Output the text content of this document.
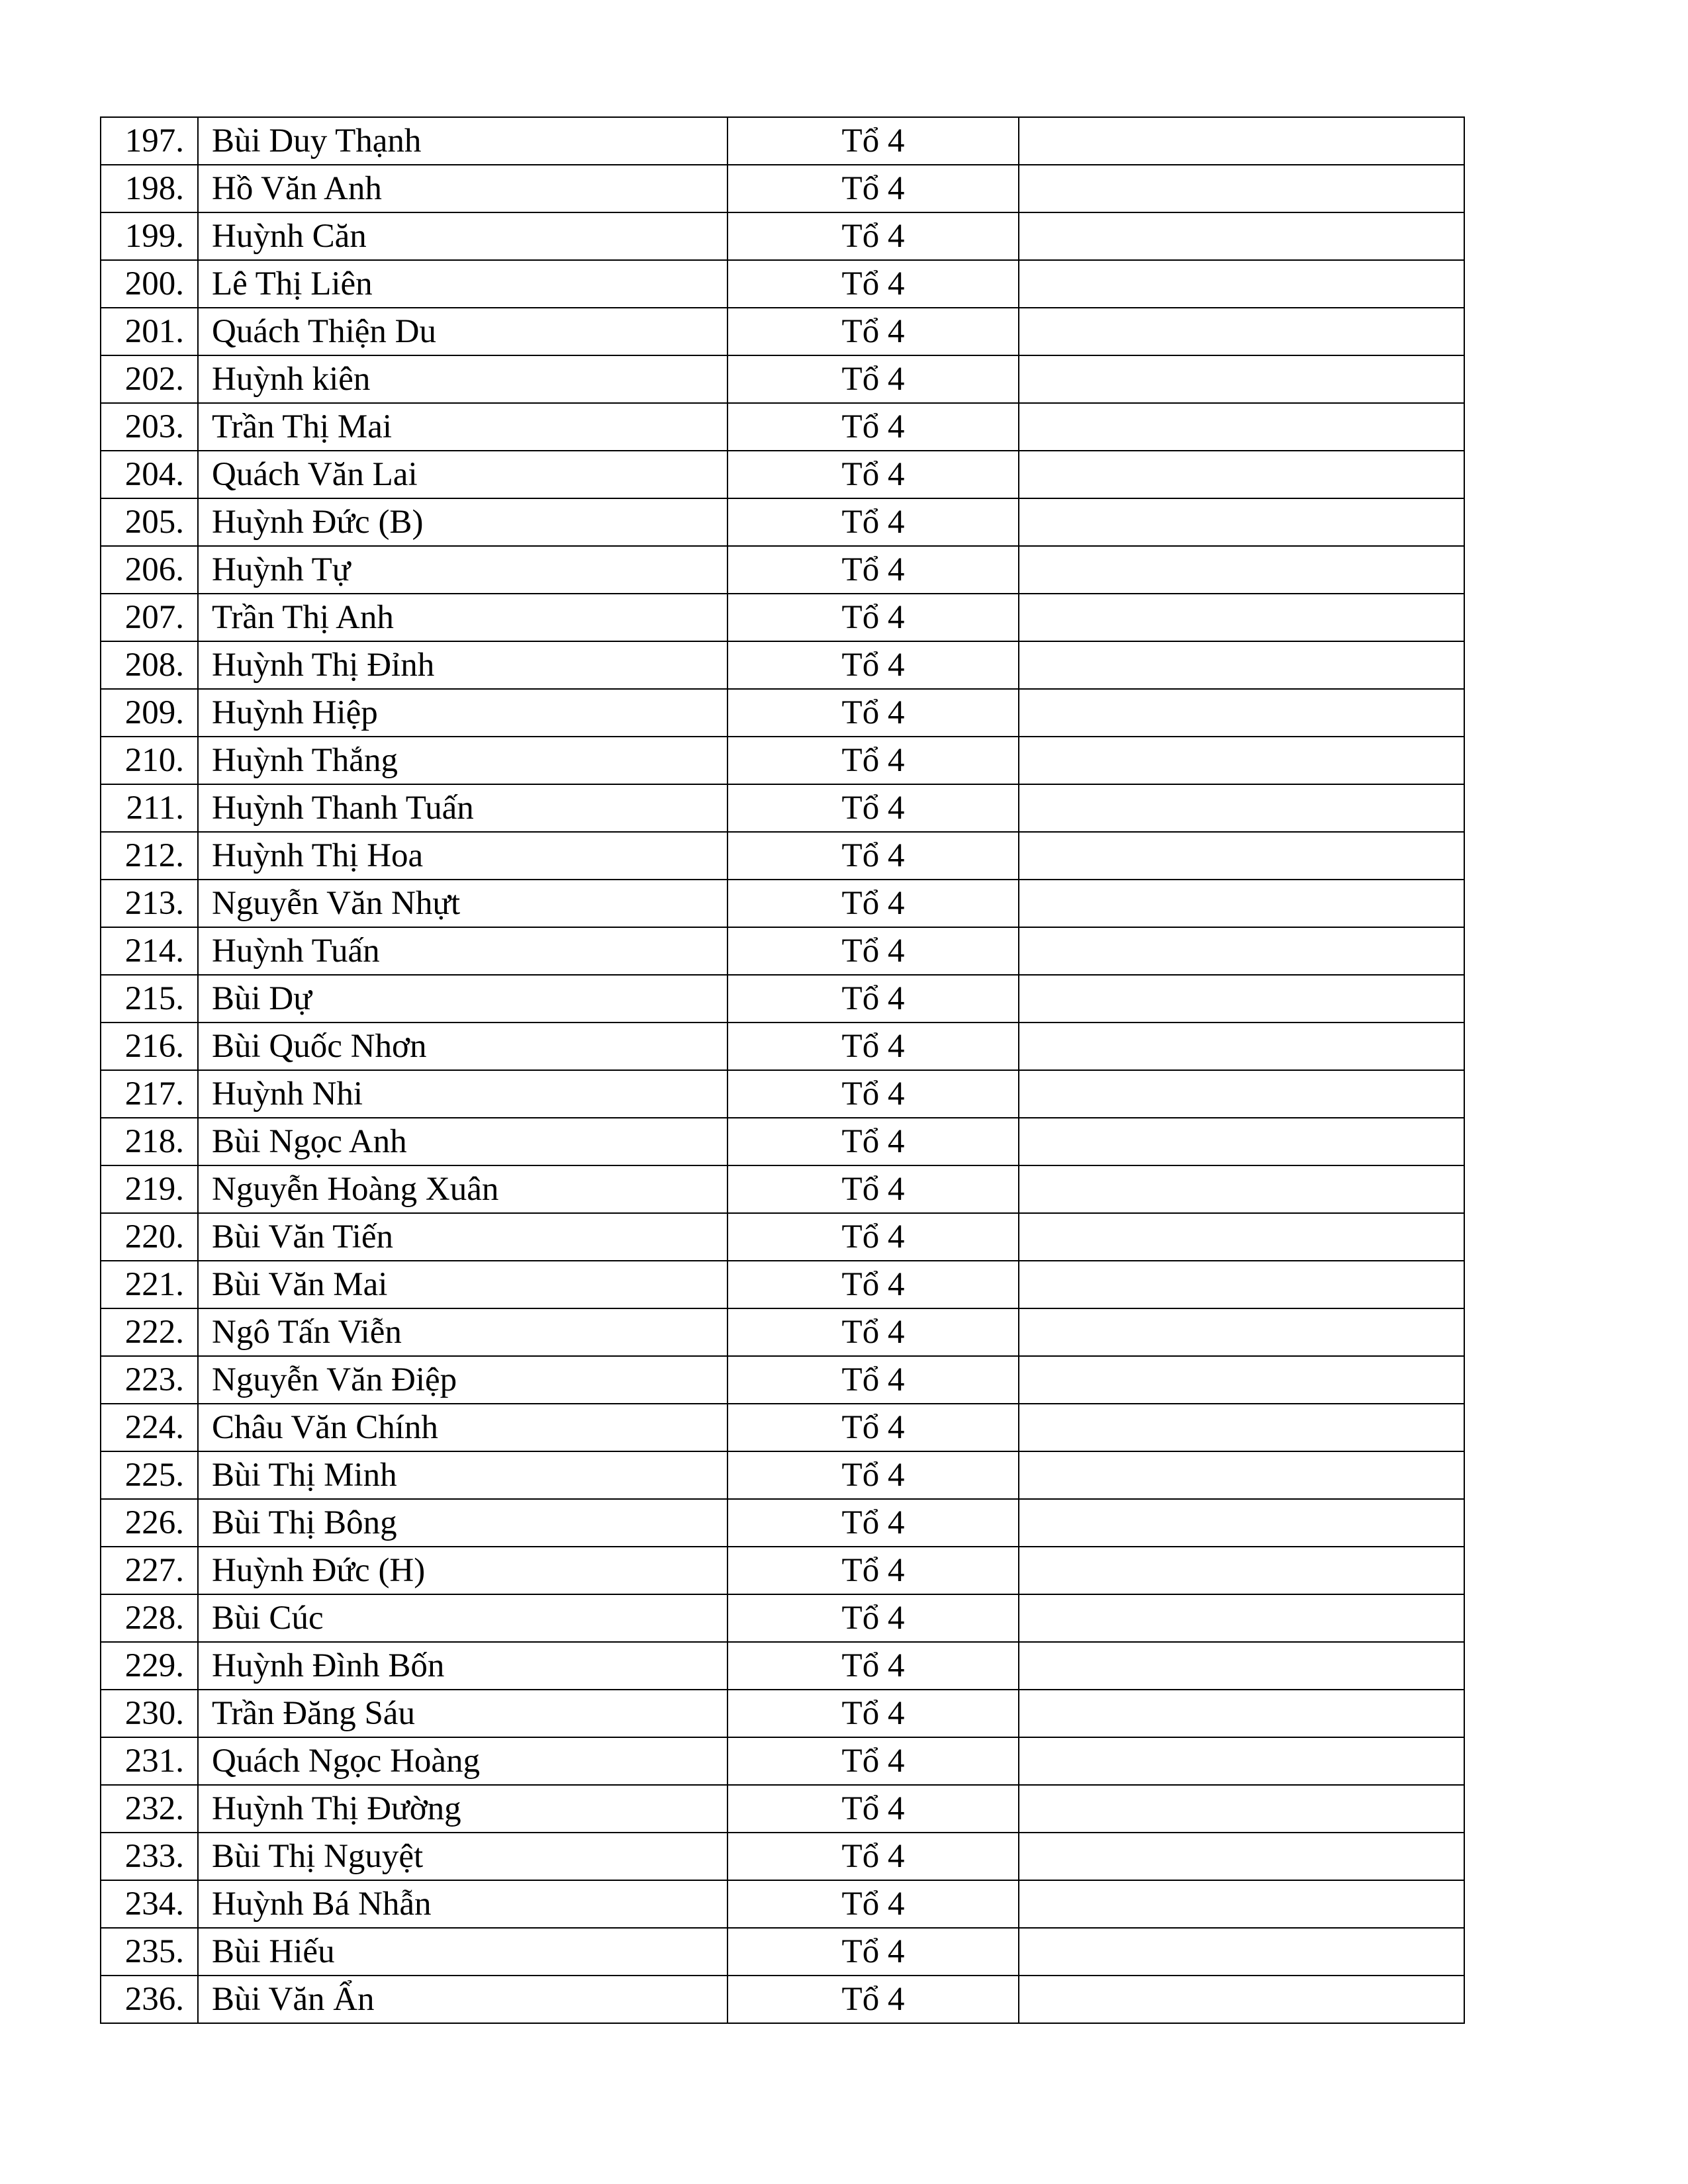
197.	Bùi Duy Thạnh	Tổ 4	
198.	Hồ Văn Anh	Tổ 4	
199.	Huỳnh Căn	Tổ 4	
200.	Lê Thị Liên	Tổ 4	
201.	Quách Thiện Du	Tổ 4	
202.	Huỳnh kiên	Tổ 4	
203.	Trần Thị Mai	Tổ 4	
204.	Quách Văn Lai	Tổ 4	
205.	Huỳnh Đức (B)	Tổ 4	
206.	Huỳnh Tự	Tổ 4	
207.	Trần Thị Anh	Tổ 4	
208.	Huỳnh Thị Đỉnh	Tổ 4	
209.	Huỳnh Hiệp	Tổ 4	
210.	Huỳnh Thắng	Tổ 4	
211.	Huỳnh Thanh Tuấn	Tổ 4	
212.	Huỳnh Thị Hoa	Tổ 4	
213.	Nguyễn Văn Nhựt	Tổ 4	
214.	Huỳnh Tuấn	Tổ 4	
215.	Bùi Dự	Tổ 4	
216.	Bùi Quốc Nhơn	Tổ 4	
217.	Huỳnh Nhi	Tổ 4	
218.	Bùi Ngọc Anh	Tổ 4	
219.	Nguyễn Hoàng Xuân	Tổ 4	
220.	Bùi Văn Tiến	Tổ 4	
221.	Bùi Văn Mai	Tổ 4	
222.	Ngô Tấn Viễn	Tổ 4	
223.	Nguyễn Văn Điệp	Tổ 4	
224.	Châu Văn Chính	Tổ 4	
225.	Bùi Thị Minh	Tổ 4	
226.	Bùi Thị Bông	Tổ 4	
227.	Huỳnh Đức (H)	Tổ 4	
228.	Bùi Cúc	Tổ 4	
229.	Huỳnh Đình Bốn	Tổ 4	
230.	Trần Đăng Sáu	Tổ 4	
231.	Quách Ngọc Hoàng	Tổ 4	
232.	Huỳnh Thị Đường	Tổ 4	
233.	Bùi Thị Nguyệt	Tổ 4	
234.	Huỳnh Bá Nhẫn	Tổ 4	
235.	Bùi Hiếu	Tổ 4	
236.	Bùi Văn Ẩn	Tổ 4	
